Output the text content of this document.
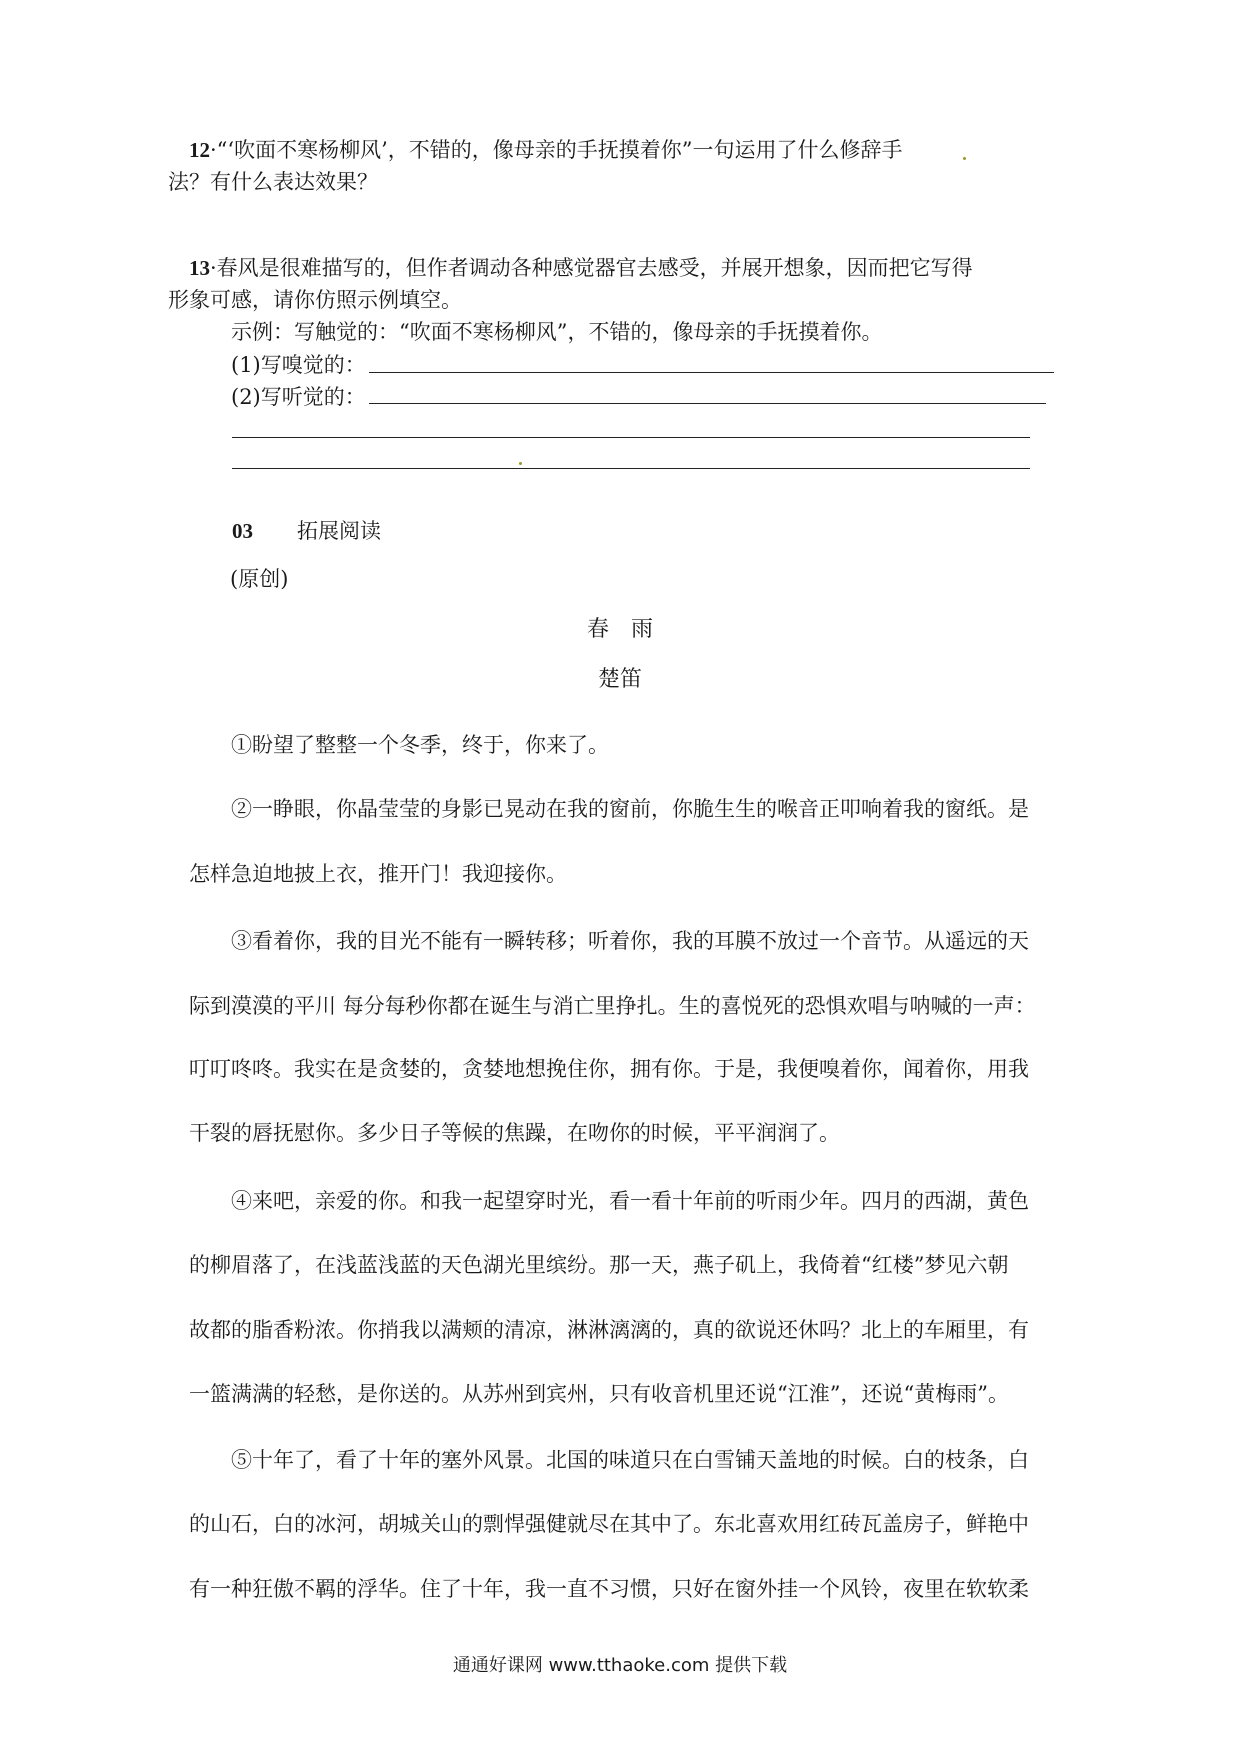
12·“‘吹面不寒杨柳风’，不错的，像母亲的手抚摸着你”一句运用了什么修辞手
法？有什么表达效果？
13·春风是很难描写的，但作者调动各种感觉器官去感受，并展开想象，因而把它写得
形象可感，请你仿照示例填空。
示例：写触觉的：“吹面不寒杨柳风”，不错的，像母亲的手抚摸着你。
(1)写嗅觉的：
(2)写听觉的：
03 拓展阅读
(原创)
春　雨
楚笛
①盼望了整整一个冬季，终于，你来了。
②一睁眼，你晶莹莹的身影已晃动在我的窗前，你脆生生的喉音正叩响着我的窗纸。是
怎样急迫地披上衣，推开门！我迎接你。
③看着你，我的目光不能有一瞬转移；听着你，我的耳膜不放过一个音节。从遥远的天
际到漠漠的平川 每分每秒你都在诞生与消亡里挣扎。生的喜悦死的恐惧欢唱与呐喊的一声：
叮叮咚咚。我实在是贪婪的，贪婪地想挽住你，拥有你。于是，我便嗅着你，闻着你，用我
干裂的唇抚慰你。多少日子等候的焦躁，在吻你的时候，平平润润了。
④来吧，亲爱的你。和我一起望穿时光，看一看十年前的听雨少年。四月的西湖，黄色
的柳眉落了，在浅蓝浅蓝的天色湖光里缤纷。那一天，燕子矶上，我倚着“红楼”梦见六朝
故都的脂香粉浓。你捎我以满颊的清凉，淋淋漓漓的，真的欲说还休吗？北上的车厢里，有
一篮满满的轻愁，是你送的。从苏州到宾州，只有收音机里还说“江淮”，还说“黄梅雨”。
⑤十年了，看了十年的塞外风景。北国的味道只在白雪铺天盖地的时候。白的枝条，白
的山石，白的冰河，胡城关山的剽悍强健就尽在其中了。东北喜欢用红砖瓦盖房子，鲜艳中
有一种狂傲不羁的浮华。住了十年，我一直不习惯，只好在窗外挂一个风铃，夜里在软软柔
通通好课网 www.tthaoke.com 提供下载
